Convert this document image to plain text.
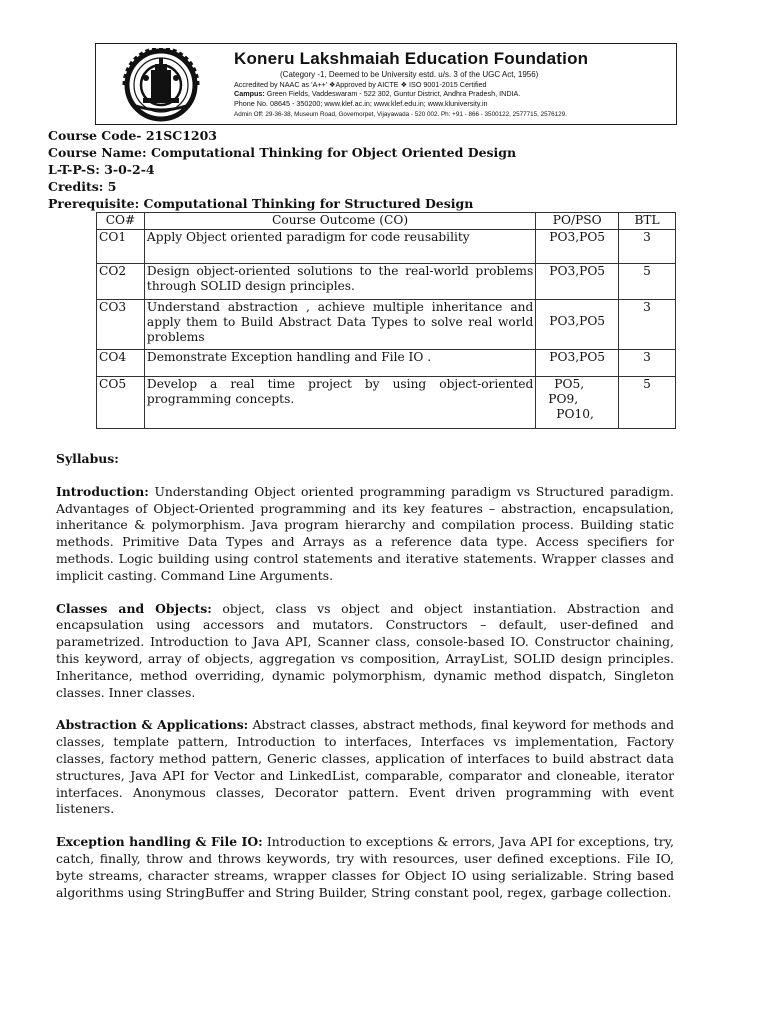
Koneru Lakshmaiah Education Foundation
(Category -1, Deemed to be University estd. u/s. 3 of the UGC Act, 1956)
Accredited by NAAC as 'A++' ❖Approved by AICTE ❖ ISO 9001-2015 Certified
Campus: Green Fields, Vaddeswaram - 522 302, Guntur District, Andhra Pradesh, INDIA.
Phone No. 08645 - 350200; www.klef.ac.in; www.klef.edu.in; www.kluniversity.in
Admin Off: 29-36-38, Museum Road, Governorpet, Vijayawada - 520 002. Ph: +91 - 866 - 3500122, 2577715, 2576129.
Course Code- 21SC1203
Course Name: Computational Thinking for Object Oriented Design
L-T-P-S: 3-0-2-4
Credits: 5
Prerequisite: Computational Thinking for Structured Design
CO#	Course Outcome (CO)	PO/PSO	BTL
CO1	Apply Object oriented paradigm for code reusability	PO3,PO5	3
CO2	Design object-oriented solutions to the real-world problems through SOLID design principles.	PO3,PO5	5
CO3	Understand abstraction , achieve multiple inheritance and apply them to Build Abstract Data Types to solve real world problems	PO3,PO5	3
CO4	Demonstrate Exception handling and File IO .	PO3,PO5	3
CO5	Develop a real time project by using object-oriented programming concepts.	PO5,
PO9,
PO10,	5
Syllabus:

Introduction: Understanding Object oriented programming paradigm vs Structured paradigm. Advantages of Object-Oriented programming and its key features – abstraction, encapsulation, inheritance & polymorphism. Java program hierarchy and compilation process. Building static methods. Primitive Data Types and Arrays as a reference data type. Access specifiers for methods. Logic building using control statements and iterative statements. Wrapper classes and implicit casting. Command Line Arguments.

Classes and Objects: object, class vs object and object instantiation. Abstraction and encapsulation using accessors and mutators. Constructors – default, user-defined and parametrized. Introduction to Java API, Scanner class, console-based IO. Constructor chaining, this keyword, array of objects, aggregation vs composition, ArrayList, SOLID design principles. Inheritance, method overriding, dynamic polymorphism, dynamic method dispatch, Singleton classes. Inner classes.

Abstraction & Applications: Abstract classes, abstract methods, final keyword for methods and classes, template pattern, Introduction to interfaces, Interfaces vs implementation, Factory classes, factory method pattern, Generic classes, application of interfaces to build abstract data structures, Java API for Vector and LinkedList, comparable, comparator and cloneable, iterator interfaces. Anonymous classes, Decorator pattern. Event driven programming with event listeners.

Exception handling & File IO: Introduction to exceptions & errors, Java API for exceptions, try, catch, finally, throw and throws keywords, try with resources, user defined exceptions. File IO, byte streams, character streams, wrapper classes for Object IO using serializable. String based algorithms using StringBuffer and String Builder, String constant pool, regex, garbage collection.
